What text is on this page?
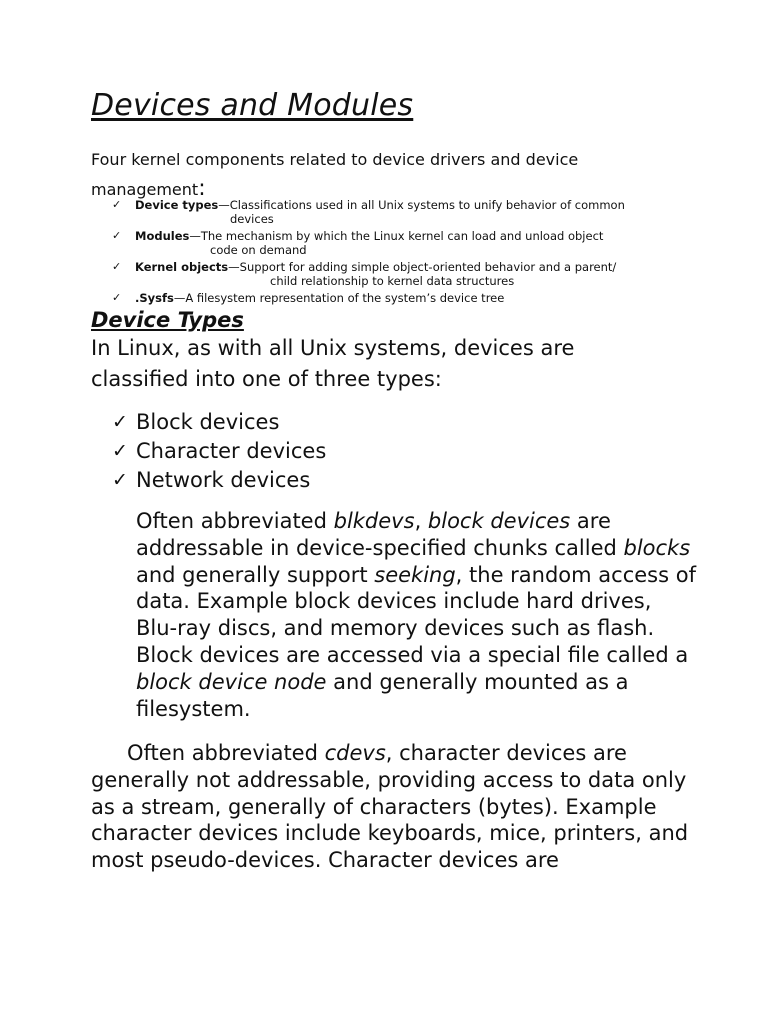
Devices and Modules

Four kernel components related to device drivers and device management:

✓ Device types—Classifications used in all Unix systems to unify behavior of common
devices
✓ Modules—The mechanism by which the Linux kernel can load and unload object
code on demand
✓ Kernel objects—Support for adding simple object-oriented behavior and a parent/
child relationship to kernel data structures
✓ .Sysfs—A filesystem representation of the system’s device tree
Device Types

In Linux, as with all Unix systems, devices are classified into one of three types:

✓ Block devices
✓ Character devices
✓ Network devices

Often abbreviated blkdevs, block devices are addressable in device-specified chunks called blocks and generally support seeking, the random access of data. Example block devices include hard drives, Blu-ray discs, and memory devices such as flash. Block devices are accessed via a special file called a block device node and generally mounted as a filesystem.

Often abbreviated cdevs, character devices are generally not addressable, providing access to data only as a stream, generally of characters (bytes). Example character devices include keyboards, mice, printers, and most pseudo-devices. Character devices are
